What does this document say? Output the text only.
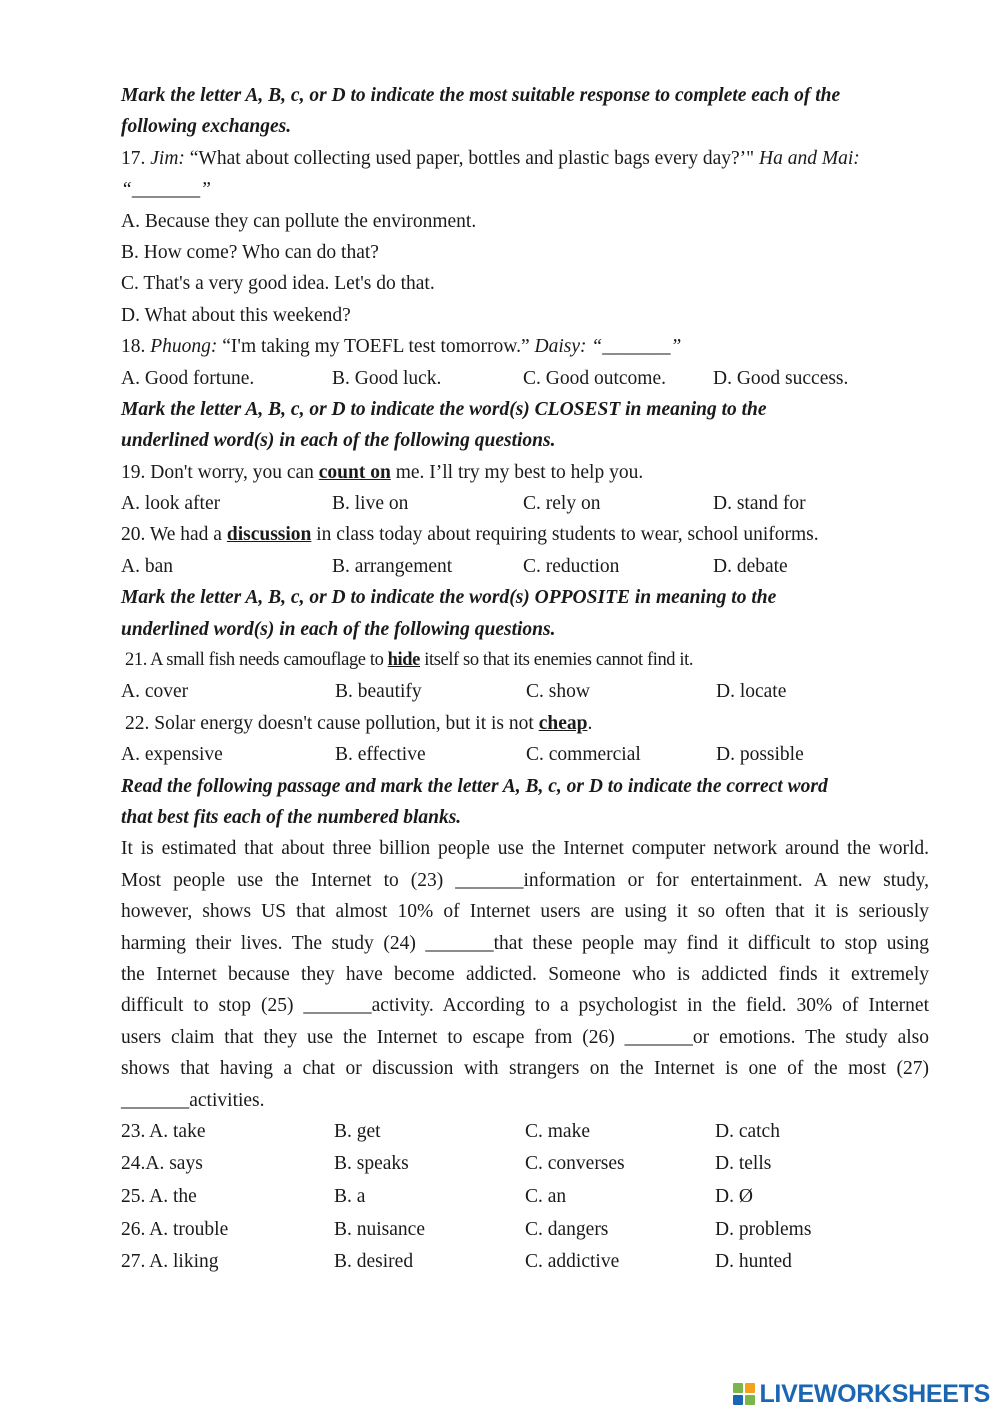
Mark the letter A, B, c, or D to indicate the most suitable response to complete each of the
following exchanges.
17. Jim: “What about collecting used paper, bottles and plastic bags every day?’" Ha and Mai:
“_______”
A. Because they can pollute the environment.
B. How come? Who can do that?
C. That's a very good idea. Let's do that.
D. What about this weekend?
18. Phuong: “I'm taking my TOEFL test tomorrow.” Daisy: “_______”
A. Good fortune.	B. Good luck.	C. Good outcome.	D. Good success.
Mark the letter A, B, c, or D to indicate the word(s) CLOSEST in meaning to the
underlined word(s) in each of the following questions.
19. Don't worry, you can count on me. I’ll try my best to help you.
A. look after	B. live on	C. rely on	D. stand for
20. We had a discussion in class today about requiring students to wear, school uniforms.
A. ban	B. arrangement	C. reduction	D. debate
Mark the letter A, B, c, or D to indicate the word(s) OPPOSITE in meaning to the
underlined word(s) in each of the following questions.
21. A small fish needs camouflage to hide itself so that its enemies cannot find it.
A. cover	B. beautify	C. show	D. locate
22. Solar energy doesn't cause pollution, but it is not cheap.
A. expensive	B. effective	C. commercial	D. possible
Read the following passage and mark the letter A, B, c, or D to indicate the correct word
that best fits each of the numbered blanks.
It is estimated that about three billion people use the Internet computer network around the world.
Most people use the Internet to (23) _______information or for entertainment. A new study,
however, shows US that almost 10% of Internet users are using it so often that it is seriously
harming their lives. The study (24) _______that these people may find it difficult to stop using
the Internet because they have become addicted. Someone who is addicted finds it extremely
difficult to stop (25) _______activity. According to a psychologist in the field. 30% of Internet
users claim that they use the Internet to escape from (26) _______or emotions. The study also
shows that having a chat or discussion with strangers on the Internet is one of the most (27)
_______activities.
23. A. take	B. get	C. make	D. catch
24.A. says	B. speaks	C. converses	D. tells
25. A. the	B. a	C. an	D. Ø
26. A. trouble	B. nuisance	C. dangers	D. problems
27. A. liking	B. desired	C. addictive	D. hunted
LIVEWORKSHEETS
